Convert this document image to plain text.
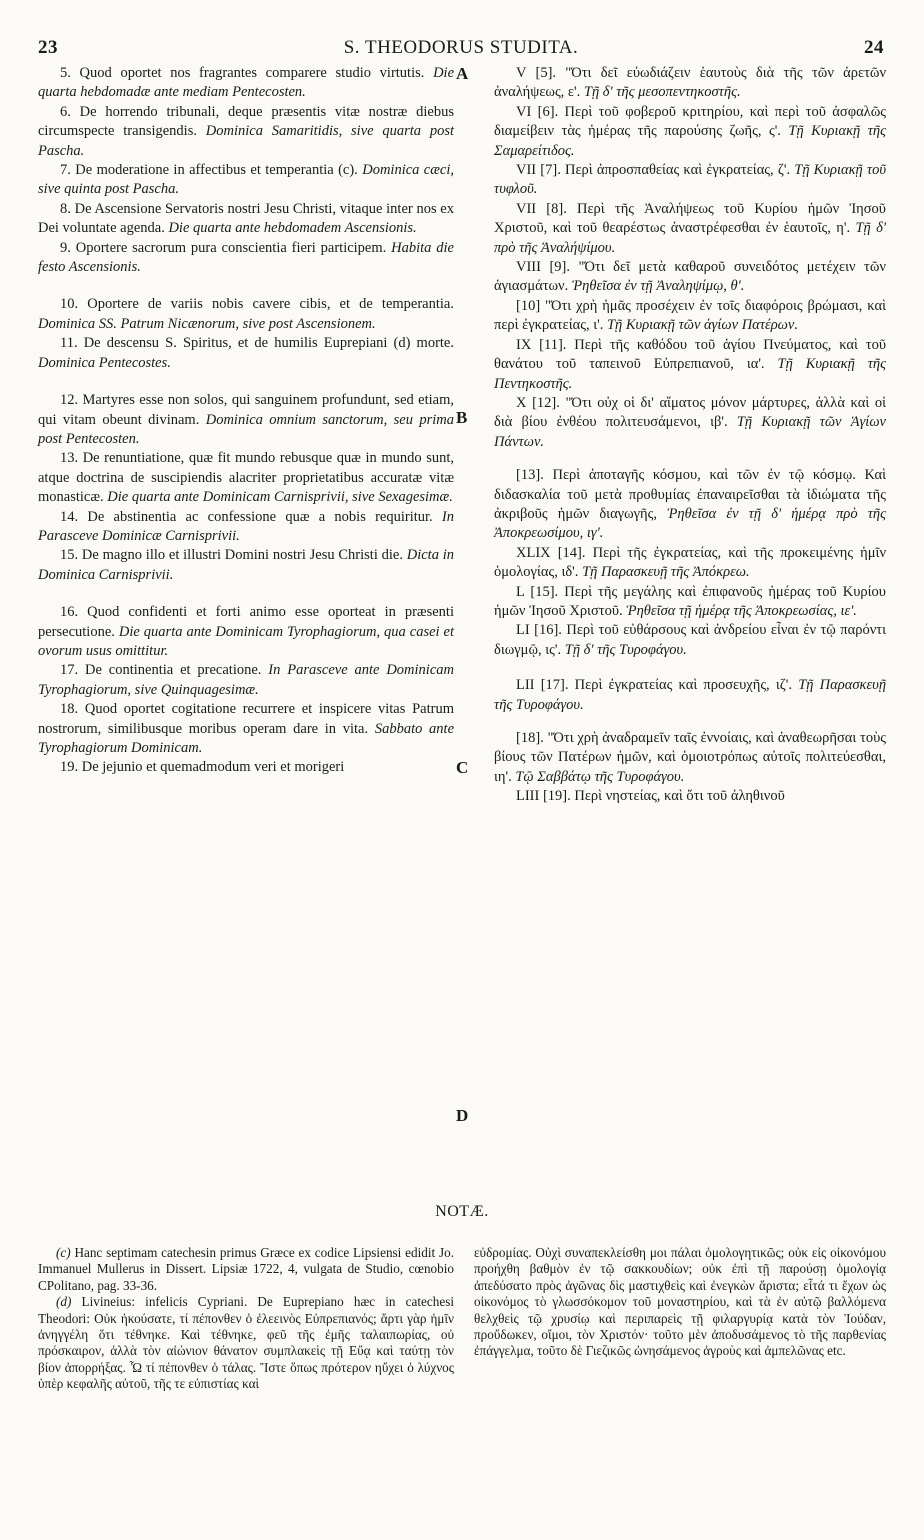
23	S. THEODORUS STUDITA.	24

5. Quod oportet nos fragrantes comparere studio virtutis. Die quarta hebdomadæ ante mediam Pentecosten.

6. De horrendo tribunali, deque præsentis vitæ nostræ diebus circumspecte transigendis. Dominica Samaritidis, sive quarta post Pascha.

7. De moderatione in affectibus et temperantia (c). Dominica cæci, sive quinta post Pascha.

8. De Ascensione Servatoris nostri Jesu Christi, vitaque inter nos ex Dei voluntate agenda. Die quarta ante hebdomadem Ascensionis.

9. Oportere sacrorum pura conscientia fieri participem. Habita die festo Ascensionis.

10. Oportere de variis nobis cavere cibis, et de temperantia. Dominica SS. Patrum Nicænorum, sive post Ascensionem.

11. De descensu S. Spiritus, et de humilis Euprepiani (d) morte. Dominica Pentecostes.

12. Martyres esse non solos, qui sanguinem profundunt, sed etiam, qui vitam obeunt divinam. Dominica omnium sanctorum, seu prima post Pentecosten.

13. De renuntiatione, quæ fit mundo rebusque quæ in mundo sunt, atque doctrina de suscipiendis alacriter proprietatibus accuratæ vitæ monasticæ. Die quarta ante Dominicam Carnisprivii, sive Sexagesimæ.

14. De abstinentia ac confessione quæ a nobis requiritur. In Parasceve Dominicæ Carnisprivii.

15. De magno illo et illustri Domini nostri Jesu Christi die. Dicta in Dominica Carnisprivii.

16. Quod confidenti et forti animo esse oporteat in præsenti persecutione. Die quarta ante Dominicam Tyrophagiorum, qua casei et ovorum usus omittitur.

17. De continentia et precatione. In Parasceve ante Dominicam Tyrophagiorum, sive Quinquagesimæ.

18. Quod oportet cogitatione recurrere et inspicere vitas Patrum nostrorum, similibusque moribus operam dare in vita. Sabbato ante Tyrophagiorum Dominicam.

19. De jejunio et quemadmodum veri et morigeri

V [5]. "Ότι δεῖ εὐωδιάζειν ἑαυτοὺς διὰ τῆς τῶν ἀρετῶν ἀναλήψεως, ε'. Τῇ δ' τῆς μεσοπεντηκοστῆς.

VI [6]. Περὶ τοῦ φοβεροῦ κριτηρίου, καὶ περὶ τοῦ ἀσφαλῶς διαμείβειν τὰς ἡμέρας τῆς παρούσης ζωῆς, ς'. Τῇ Κυριακῇ τῆς Σαμαρείτιδος.

VII [7]. Περὶ ἀπροσπαθείας καὶ ἐγκρατείας, ζ'. Τῇ Κυριακῇ τοῦ τυφλοῦ.

VII [8]. Περὶ τῆς Ἀναλήψεως τοῦ Κυρίου ἡμῶν Ἰησοῦ Χριστοῦ, καὶ τοῦ θεαρέστως ἀναστρέφεσθαι ἐν ἑαυτοῖς, η'. Τῇ δ' πρὸ τῆς Ἀναλήψίμου.

VIII [9]. "Ότι δεῖ μετὰ καθαροῦ συνειδότος μετέχειν τῶν ἁγιασμάτων. Ῥηθεῖσα ἐν τῇ Ἀναληψίμῳ, θ'.

[10] "Ότι χρὴ ἡμᾶς προσέχειν ἐν τοῖς διαφόροις βρώμασι, καὶ περὶ ἐγκρατείας, ι'. Τῇ Κυριακῇ τῶν ἁγίων Πατέρων.

IX [11]. Περὶ τῆς καθόδου τοῦ ἁγίου Πνεύματος, καὶ τοῦ θανάτου τοῦ ταπεινοῦ Εὐπρεπιανοῦ, ια'. Τῇ Κυριακῇ τῆς Πεντηκοστῆς.

X [12]. "Ότι οὐχ οἱ δι' αἵματος μόνον μάρτυρες, ἀλλὰ καὶ οἱ διὰ βίου ἐνθέου πολιτευσάμενοι, ιβ'. Τῇ Κυριακῇ τῶν Ἁγίων Πάντων.

[13]. Περὶ ἀποταγῆς κόσμου, καὶ τῶν ἐν τῷ κόσμῳ. Καὶ διδασκαλία τοῦ μετὰ προθυμίας ἐπαναιρεῖσθαι τὰ ἰδιώματα τῆς ἀκριβοῦς ἡμῶν διαγωγῆς, Ῥηθεῖσα ἐν τῇ δ' ἡμέρᾳ πρὸ τῆς Ἀποκρεωσίμου, ιγ'.

XLIX [14]. Περὶ τῆς ἐγκρατείας, καὶ τῆς προκειμένης ἡμῖν ὁμολογίας, ιδ'. Τῇ Παρασκευῇ τῆς Ἀπόκρεω.

L [15]. Περὶ τῆς μεγάλης καὶ ἐπιφανοῦς ἡμέρας τοῦ Κυρίου ἡμῶν Ἰησοῦ Χριστοῦ. Ῥηθεῖσα τῇ ἡμέρᾳ τῆς Ἀποκρεωσίας, ιε'.

LI [16]. Περὶ τοῦ εὐθάρσους καὶ ἀνδρείου εἶναι ἐν τῷ παρόντι διωγμῷ, ις'. Τῇ δ' τῆς Τυροφάγου.

LII [17]. Περὶ ἐγκρατείας καὶ προσευχῆς, ιζ'. Τῇ Παρασκευῇ τῆς Τυροφάγου.

[18]. "Ότι χρὴ ἀναδραμεῖν ταῖς ἐννοίαις, καὶ ἀναθεωρῆσαι τοὺς βίους τῶν Πατέρων ἡμῶν, καὶ ὁμοιοτρόπως αὐτοῖς πολιτεύεσθαι, ιη'. Τῷ Σαββάτῳ τῆς Τυροφάγου.

LIII [19]. Περὶ νηστείας, καὶ ὅτι τοῦ ἀληθινοῦ

A
B
C
D
NOTÆ.

(c) Hanc septimam catechesin primus Græce ex codice Lipsiensi edidit Jo. Immanuel Mullerus in Dissert. Lipsiæ 1722, 4, vulgata de Studio, cœnobio CPolitano, pag. 33-36.

(d) Livineius: infelicis Cypriani. De Euprepiano hæc in catechesi Theodori: Οὐκ ἠκούσατε, τί πέπονθεν ὁ ἐλεεινὸς Εὐπρεπιανός; ἄρτι γὰρ ἡμῖν ἀνηγγέλη ὅτι τέθνηκε. Καὶ τέθνηκε, φεῦ τῆς ἐμῆς ταλαιπωρίας, οὐ πρόσκαιρον, ἀλλὰ τὸν αἰώνιον θάνατον συμπλακεὶς τῇ Εὔᾳ καὶ ταύτῃ τὸν βίον ἀπορρήξας. Ὦ τί πέπονθεν ὁ τάλας. Ἴστε ὅπως πρότερον ηὔχει ὁ λύχνος ὑπὲρ κεφαλῆς αὐτοῦ, τῆς τε εὐπιστίας καὶ

εὐδρομίας. Οὐχὶ συναπεκλείσθη μοι πάλαι ὁμολογητικῶς; οὐκ εἰς οἰκονόμου προήχθη βαθμὸν ἐν τῷ σακκουδίων; οὐκ ἐπὶ τῇ παρούσῃ ὁμολογίᾳ ἀπεδύσατο πρὸς ἀγῶνας δὶς μαστιχθεὶς καὶ ἐνεγκὼν ἄριστα; εἶτά τι ἔχων ὡς οἰκονόμος τὸ γλωσσόκομον τοῦ μοναστηρίου, καὶ τὰ ἐν αὐτῷ βαλλόμενα θελχθεὶς τῷ χρυσίῳ καὶ περιπαρεὶς τῇ φιλαργυρίᾳ κατὰ τὸν Ἰούδαν, προὔδωκεν, οἴμοι, τὸν Χριστόν· τοῦτο μὲν ἀποδυσάμενος τὸ τῆς παρθενίας ἐπάγγελμα, τοῦτο δὲ Γιεζικῶς ὠνησάμενος ἀγροὺς καὶ ἀμπελῶνας etc.
